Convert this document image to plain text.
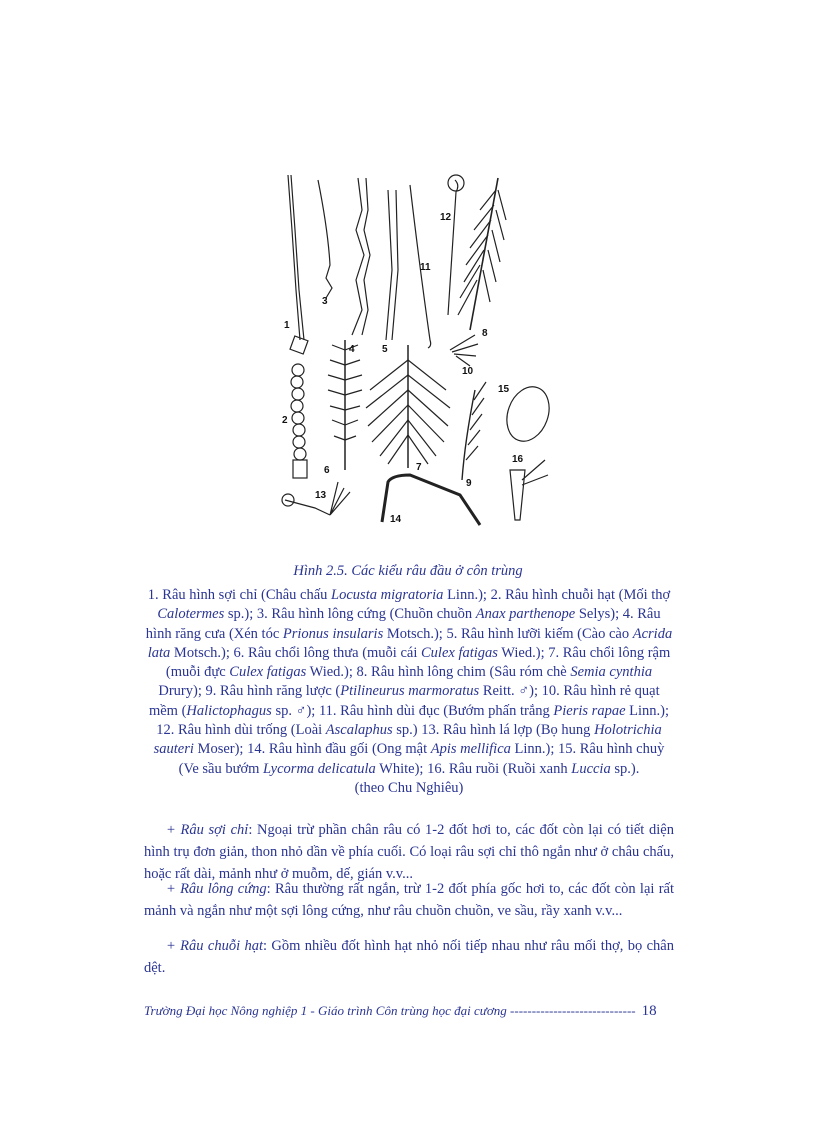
1
2
3
4	5
6	7
8
9
10
11
12
13
14
15
16
Hình 2.5. Các kiểu râu đầu ở côn trùng
1. Râu hình sợi chỉ (Châu chấu Locusta migratoria Linn.); 2. Râu hình chuỗi hạt (Mối thợ Calotermes sp.); 3. Râu hình lông cứng (Chuồn chuồn Anax parthenope Selys); 4. Râu hình răng cưa (Xén tóc Prionus insularis Motsch.); 5. Râu hình lưỡi kiếm (Cào cào Acrida lata Motsch.); 6. Râu chổi lông thưa (muỗi cái Culex fatigas Wied.); 7. Râu chổi lông rậm (muỗi đực Culex fatigas Wied.); 8. Râu hình lông chim (Sâu róm chè Semia cynthia Drury); 9. Râu hình răng lược (Ptilineurus marmoratus Reitt. ♂); 10. Râu hình rẻ quạt mềm (Halictophagus sp. ♂); 11. Râu hình dùi đục (Bướm phấn trắng Pieris rapae Linn.); 12. Râu hình dùi trống (Loài Ascalaphus sp.) 13. Râu hình lá lợp (Bọ hung Holotrichia sauteri Moser); 14. Râu hình đầu gối (Ong mật Apis mellifica Linn.); 15. Râu hình chuỳ (Ve sầu bướm Lycorma delicatula White); 16. Râu ruồi (Ruồi xanh Luccia sp.).
(theo Chu Nghiêu)
+ Râu sợi chỉ: Ngoại trừ phần chân râu có 1-2 đốt hơi to, các đốt còn lại có tiết diện hình trụ đơn giản, thon nhỏ dần về phía cuối. Có loại râu sợi chỉ thô ngắn như ở châu chấu, hoặc rất dài, mảnh như ở muỗm, dế, gián v.v...
+ Râu lông cứng: Râu thường rất ngắn, trừ 1-2 đốt phía gốc hơi to, các đốt còn lại rất mảnh và ngắn như một sợi lông cứng, như râu chuồn chuồn, ve sầu, rầy xanh v.v...
+ Râu chuỗi hạt: Gồm nhiều đốt hình hạt nhỏ nối tiếp nhau như râu mối thợ, bọ chân dệt.
Trường Đại học Nông nghiệp 1 - Giáo trình Côn trùng học đại cương ----------------------------- 18
